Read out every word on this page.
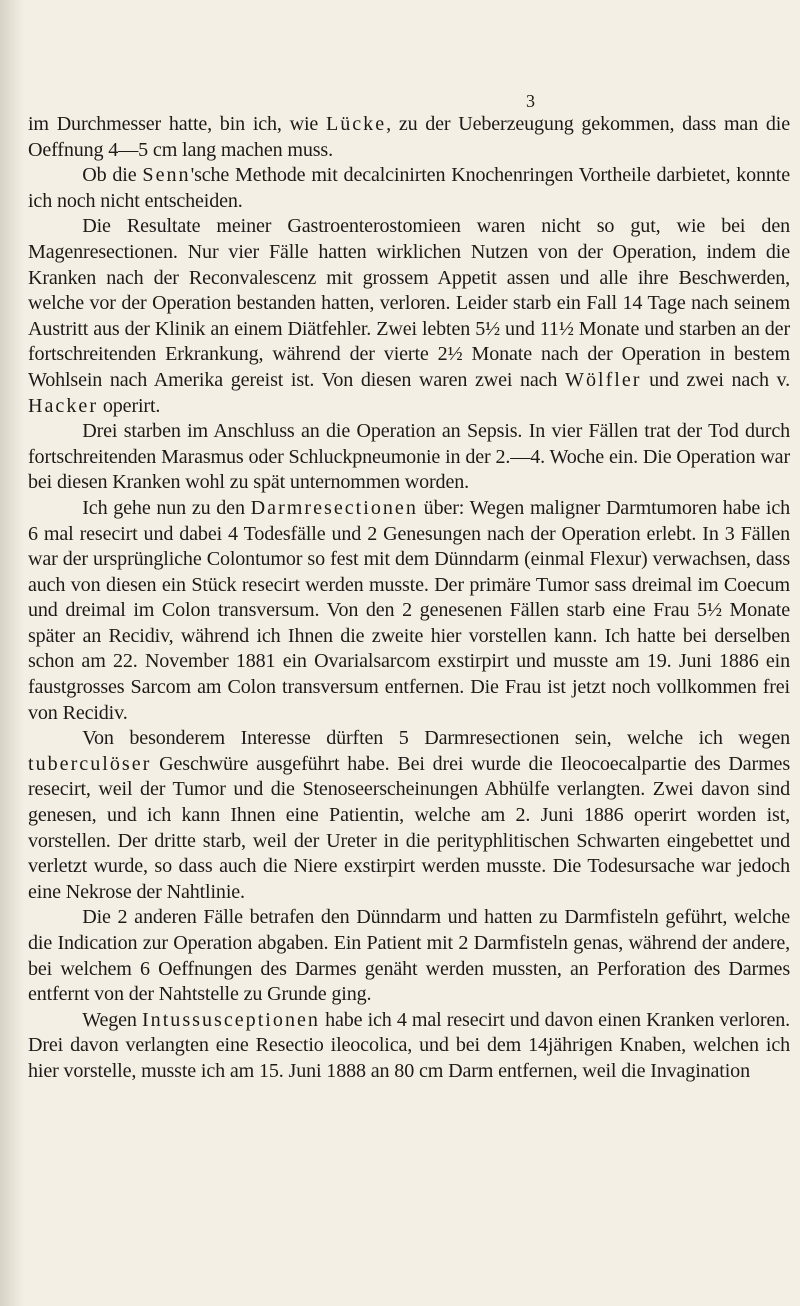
3

im Durchmesser hatte, bin ich, wie Lücke, zu der Ueberzeugung gekommen, dass man die Oeffnung 4—5 cm lang machen muss.

Ob die Senn'sche Methode mit decalcinirten Knochenringen Vortheile darbietet, konnte ich noch nicht entscheiden.

Die Resultate meiner Gastroenterostomieen waren nicht so gut, wie bei den Magenresectionen. Nur vier Fälle hatten wirklichen Nutzen von der Operation, indem die Kranken nach der Reconvalescenz mit grossem Appetit assen und alle ihre Beschwerden, welche vor der Operation bestanden hatten, verloren. Leider starb ein Fall 14 Tage nach seinem Austritt aus der Klinik an einem Diätfehler. Zwei lebten 5½ und 11½ Monate und starben an der fortschreitenden Erkrankung, während der vierte 2½ Monate nach der Operation in bestem Wohlsein nach Amerika gereist ist. Von diesen waren zwei nach Wölfler und zwei nach v. Hacker operirt.

Drei starben im Anschluss an die Operation an Sepsis. In vier Fällen trat der Tod durch fortschreitenden Marasmus oder Schluckpneumonie in der 2.—4. Woche ein. Die Operation war bei diesen Kranken wohl zu spät unternommen worden.

Ich gehe nun zu den Darmresectionen über: Wegen maligner Darmtumoren habe ich 6 mal resecirt und dabei 4 Todesfälle und 2 Genesungen nach der Operation erlebt. In 3 Fällen war der ursprüngliche Colontumor so fest mit dem Dünndarm (einmal Flexur) verwachsen, dass auch von diesen ein Stück resecirt werden musste. Der primäre Tumor sass dreimal im Coecum und dreimal im Colon transversum. Von den 2 genesenen Fällen starb eine Frau 5½ Monate später an Recidiv, während ich Ihnen die zweite hier vorstellen kann. Ich hatte bei derselben schon am 22. November 1881 ein Ovarialsarcom exstirpirt und musste am 19. Juni 1886 ein faustgrosses Sarcom am Colon transversum entfernen. Die Frau ist jetzt noch vollkommen frei von Recidiv.

Von besonderem Interesse dürften 5 Darmresectionen sein, welche ich wegen tuberculöser Geschwüre ausgeführt habe. Bei drei wurde die Ileocoecalpartie des Darmes resecirt, weil der Tumor und die Stenoseerscheinungen Abhülfe verlangten. Zwei davon sind genesen, und ich kann Ihnen eine Patientin, welche am 2. Juni 1886 operirt worden ist, vorstellen. Der dritte starb, weil der Ureter in die perityphlitischen Schwarten eingebettet und verletzt wurde, so dass auch die Niere exstirpirt werden musste. Die Todesursache war jedoch eine Nekrose der Nahtlinie.

Die 2 anderen Fälle betrafen den Dünndarm und hatten zu Darmfisteln geführt, welche die Indication zur Operation abgaben. Ein Patient mit 2 Darmfisteln genas, während der andere, bei welchem 6 Oeffnungen des Darmes genäht werden mussten, an Perforation des Darmes entfernt von der Nahtstelle zu Grunde ging.

Wegen Intussusceptionen habe ich 4 mal resecirt und davon einen Kranken verloren. Drei davon verlangten eine Resectio ileocolica, und bei dem 14jährigen Knaben, welchen ich hier vorstelle, musste ich am 15. Juni 1888 an 80 cm Darm entfernen, weil die Invagination
